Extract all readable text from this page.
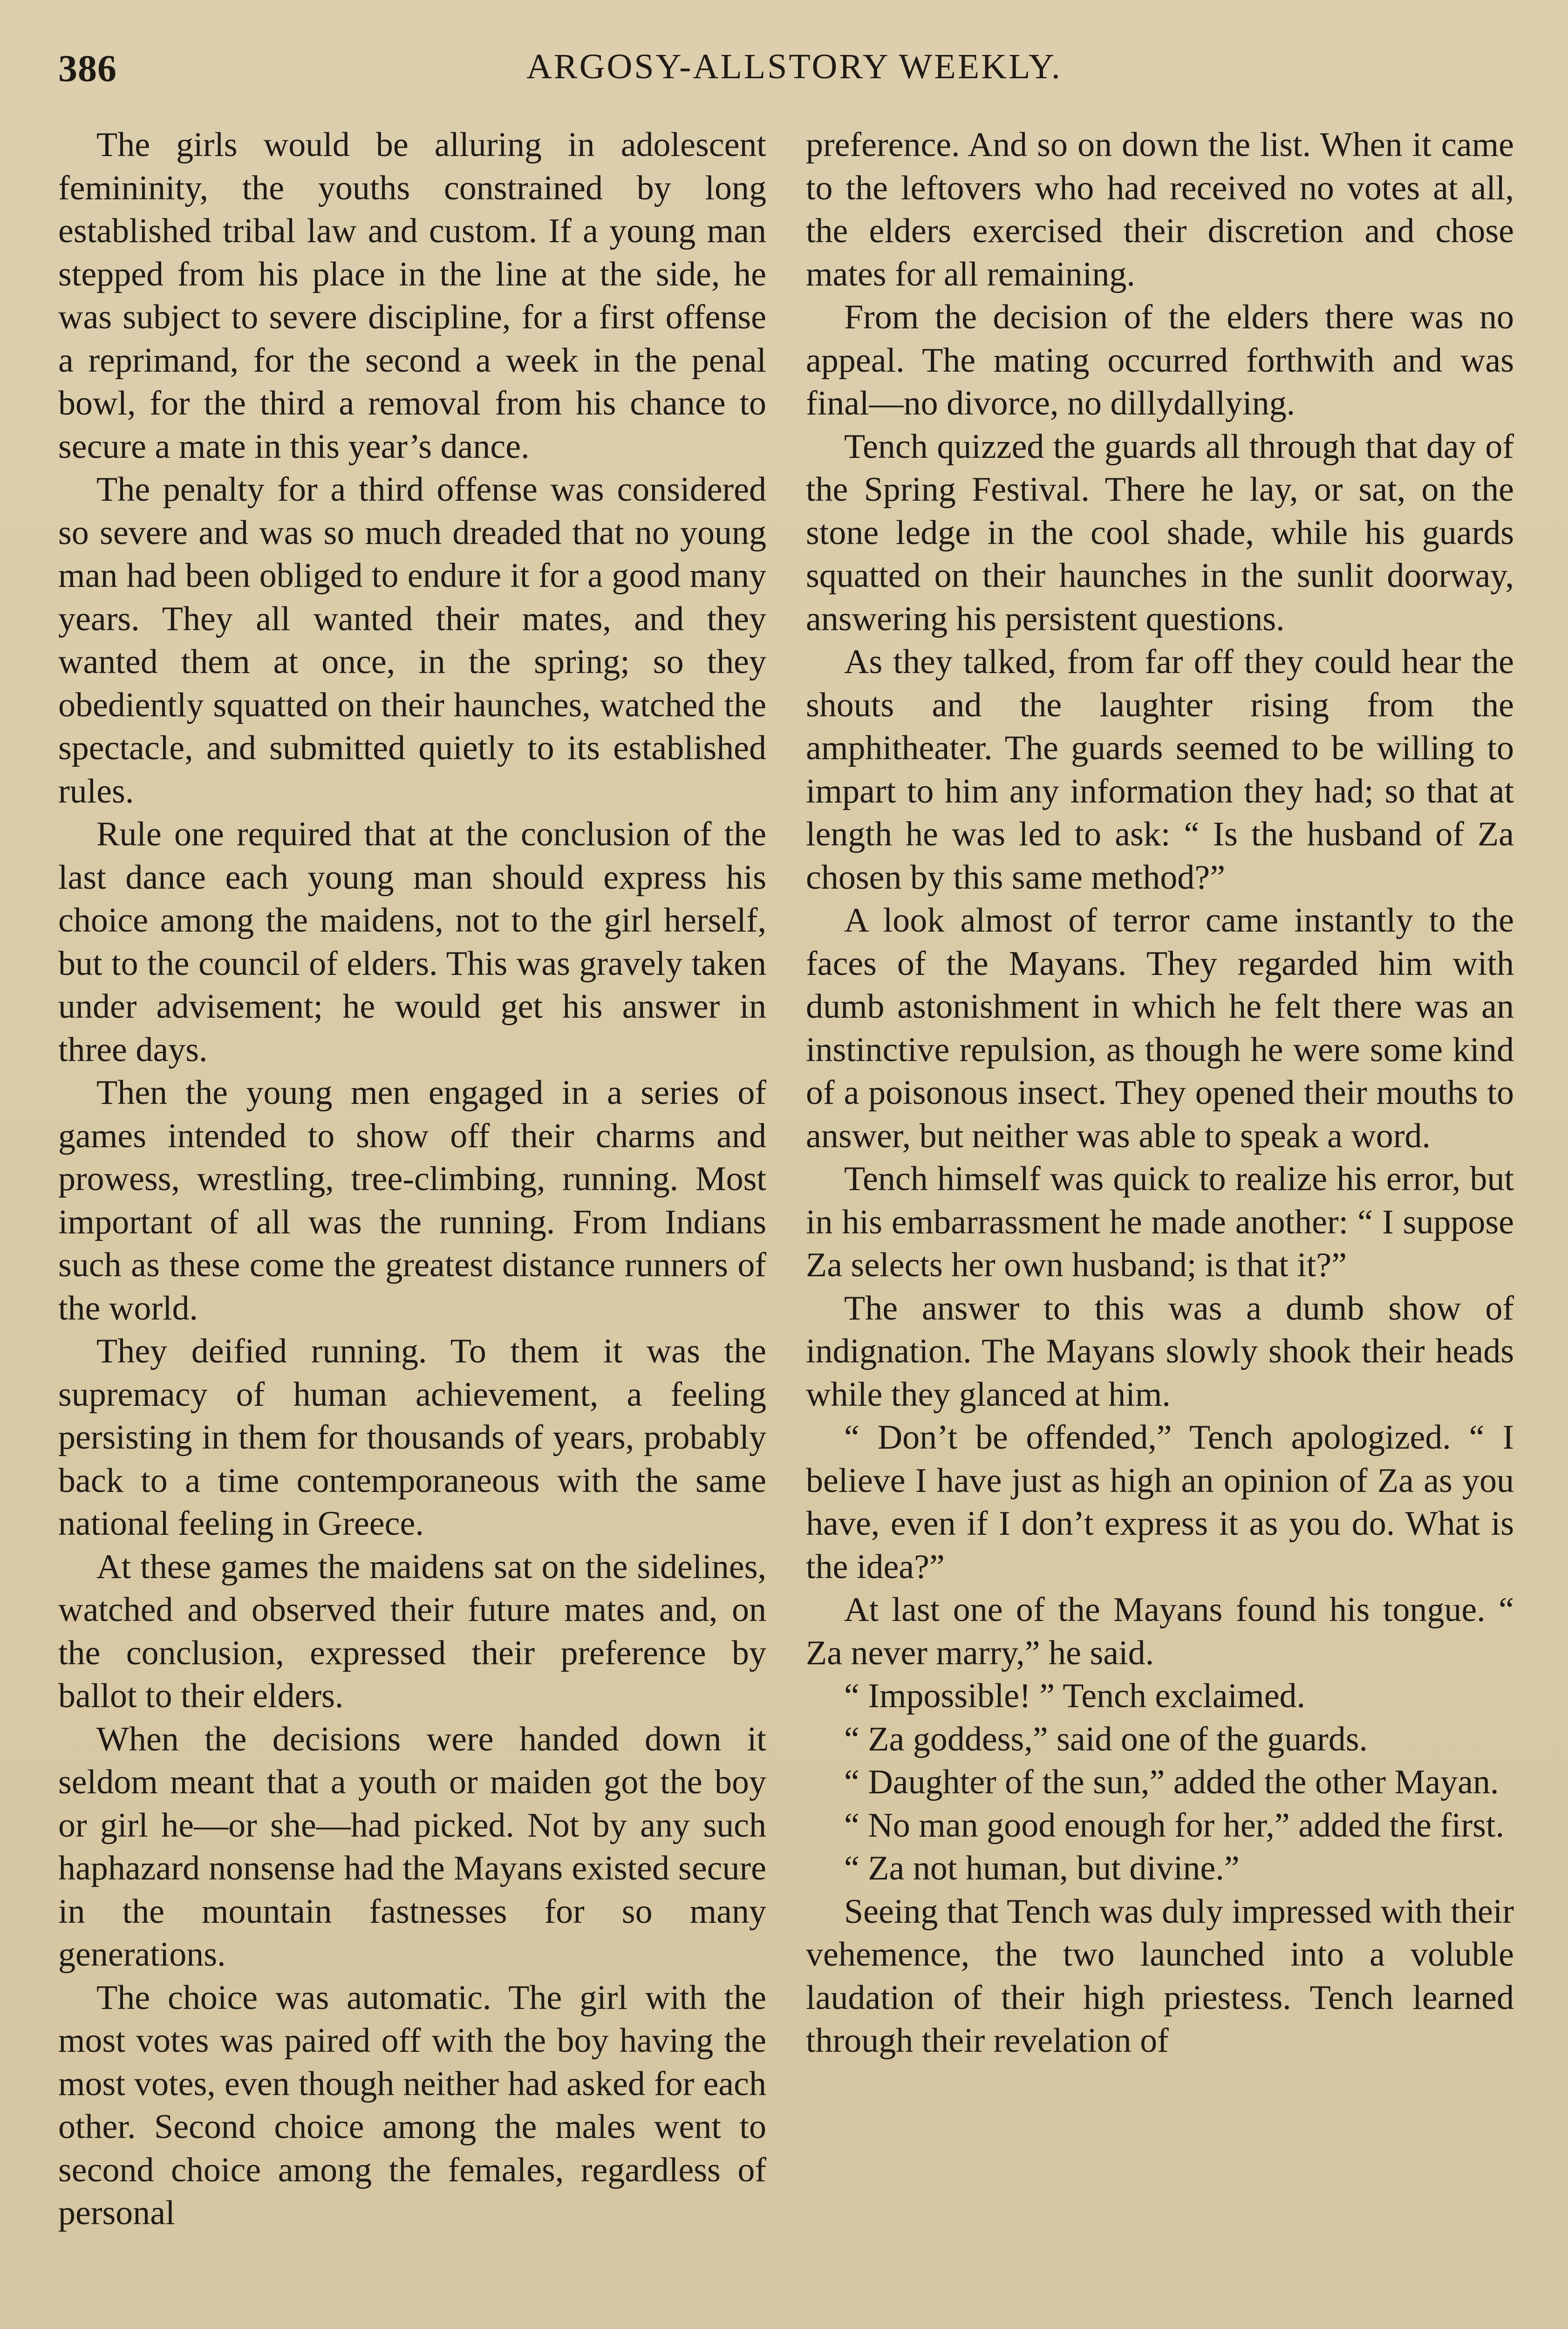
386	ARGOSY-ALLSTORY WEEKLY.

The girls would be alluring in adolescent femininity, the youths constrained by long established tribal law and custom. If a young man stepped from his place in the line at the side, he was subject to severe discipline, for a first offense a reprimand, for the second a week in the penal bowl, for the third a removal from his chance to secure a mate in this year’s dance.

The penalty for a third offense was considered so severe and was so much dreaded that no young man had been obliged to endure it for a good many years. They all wanted their mates, and they wanted them at once, in the spring; so they obediently squatted on their haunches, watched the spectacle, and submitted quietly to its established rules.

Rule one required that at the conclusion of the last dance each young man should express his choice among the maidens, not to the girl herself, but to the council of elders. This was gravely taken under advisement; he would get his answer in three days.

Then the young men engaged in a series of games intended to show off their charms and prowess, wrestling, tree-climbing, running. Most important of all was the running. From Indians such as these come the greatest distance runners of the world.

They deified running. To them it was the supremacy of human achievement, a feeling persisting in them for thousands of years, probably back to a time contemporaneous with the same national feeling in Greece.

At these games the maidens sat on the sidelines, watched and observed their future mates and, on the conclusion, expressed their preference by ballot to their elders.

When the decisions were handed down it seldom meant that a youth or maiden got the boy or girl he—or she—had picked. Not by any such haphazard nonsense had the Mayans existed secure in the mountain fastnesses for so many generations.

The choice was automatic. The girl with the most votes was paired off with the boy having the most votes, even though neither had asked for each other. Second choice among the males went to second choice among the females, regardless of personal

preference. And so on down the list. When it came to the leftovers who had received no votes at all, the elders exercised their discretion and chose mates for all remaining.

From the decision of the elders there was no appeal. The mating occurred forthwith and was final—no divorce, no dillydallying.

Tench quizzed the guards all through that day of the Spring Festival. There he lay, or sat, on the stone ledge in the cool shade, while his guards squatted on their haunches in the sunlit doorway, answering his persistent questions.

As they talked, from far off they could hear the shouts and the laughter rising from the amphitheater. The guards seemed to be willing to impart to him any information they had; so that at length he was led to ask: “ Is the husband of Za chosen by this same method?”

A look almost of terror came instantly to the faces of the Mayans. They regarded him with dumb astonishment in which he felt there was an instinctive repulsion, as though he were some kind of a poisonous insect. They opened their mouths to answer, but neither was able to speak a word.

Tench himself was quick to realize his error, but in his embarrassment he made another: “ I suppose Za selects her own husband; is that it?”

The answer to this was a dumb show of indignation. The Mayans slowly shook their heads while they glanced at him.

“ Don’t be offended,” Tench apologized. “ I believe I have just as high an opinion of Za as you have, even if I don’t express it as you do. What is the idea?”

At last one of the Mayans found his tongue. “ Za never marry,” he said.

“ Impossible! ” Tench exclaimed.

“ Za goddess,” said one of the guards.

“ Daughter of the sun,” added the other Mayan.

“ No man good enough for her,” added the first.

“ Za not human, but divine.”

Seeing that Tench was duly impressed with their vehemence, the two launched into a voluble laudation of their high priestess. Tench learned through their revelation of
